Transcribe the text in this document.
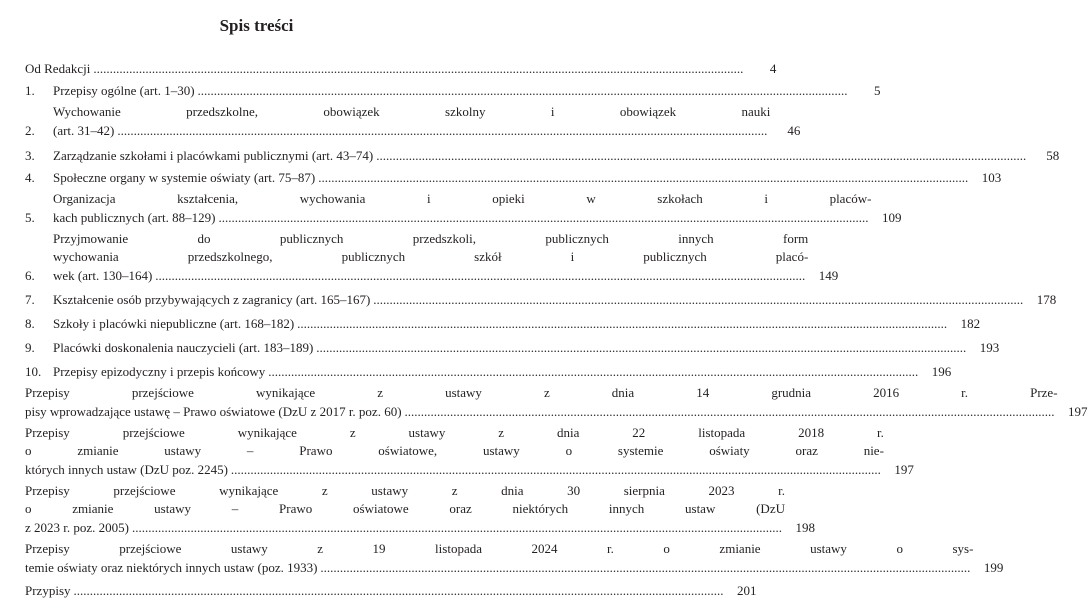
Spis treści
Od Redakcji ........................................................................................................................................................................................................	4
1.	Przepisy ogólne (art. 1–30) ........................................................................................................................................................................................................	5
2.
Wychowanie przedszkolne, obowiązek szkolny i obowiązek nauki
(art. 31–42) ........................................................................................................................................................................................................	46
3.	Zarządzanie szkołami i placówkami publicznymi (art. 43–74) ........................................................................................................................................................................................................	58
4.	Społeczne organy w systemie oświaty (art. 75–87) ........................................................................................................................................................................................................	103
5.
Organizacja kształcenia, wychowania i opieki w szkołach i placów-
kach publicznych (art. 88–129) ........................................................................................................................................................................................................	109
6.
Przyjmowanie do publicznych przedszkoli, publicznych innych form
wychowania przedszkolnego, publicznych szkół i publicznych placó-
wek (art. 130–164) ........................................................................................................................................................................................................	149
7.	Kształcenie osób przybywających z zagranicy (art. 165–167) ........................................................................................................................................................................................................	178
8.	Szkoły i placówki niepubliczne (art. 168–182) ........................................................................................................................................................................................................	182
9.	Placówki doskonalenia nauczycieli (art. 183–189) ........................................................................................................................................................................................................	193
10. Przepisy epizodyczny i przepis końcowy ........................................................................................................................................................................................................	196
Przepisy przejściowe wynikające z ustawy z dnia 14 grudnia 2016 r. Prze-
pisy wprowadzające ustawę – Prawo oświatowe (DzU z 2017 r. poz. 60) ........................................................................................................................................................................................................	197
Przepisy przejściowe wynikające z ustawy z dnia 22 listopada 2018 r.
o zmianie ustawy – Prawo oświatowe, ustawy o systemie oświaty oraz nie-
których innych ustaw (DzU poz. 2245) ........................................................................................................................................................................................................	197
Przepisy przejściowe wynikające z ustawy z dnia 30 sierpnia 2023 r.
o zmianie ustawy – Prawo oświatowe oraz niektórych innych ustaw (DzU
z 2023 r. poz. 2005) ........................................................................................................................................................................................................	198
Przepisy przejściowe ustawy z 19 listopada 2024 r. o zmianie ustawy o sys-
temie oświaty oraz niektórych innych ustaw (poz. 1933) ........................................................................................................................................................................................................	199
Przypisy ........................................................................................................................................................................................................	201
